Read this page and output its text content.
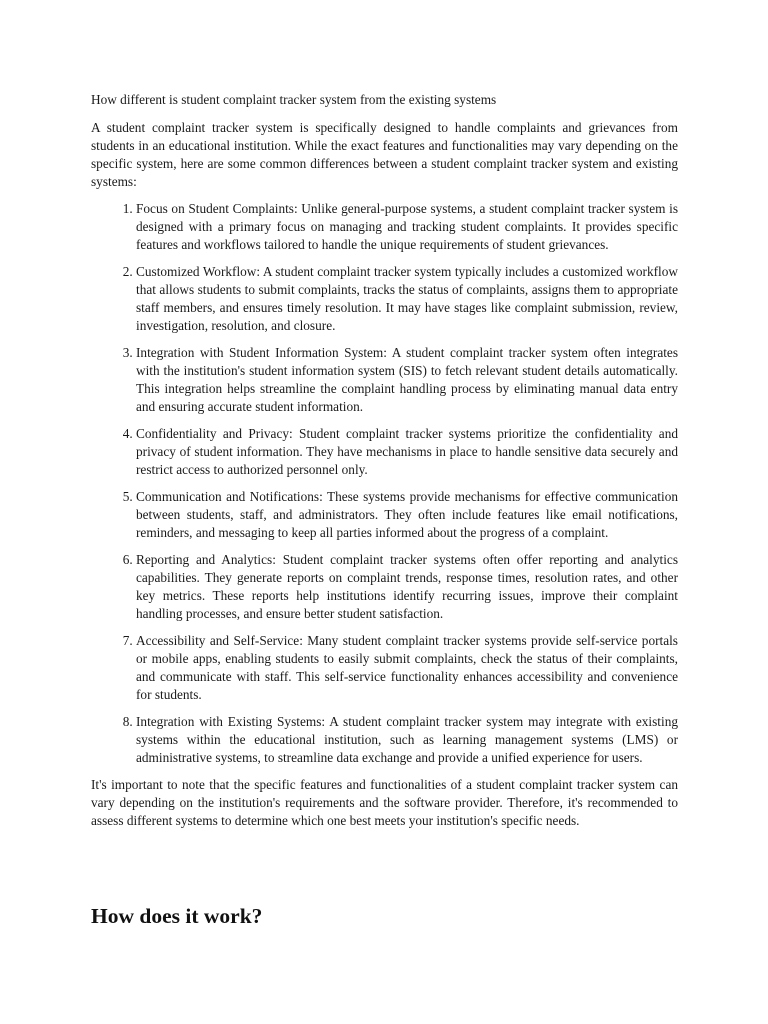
How different is student complaint tracker system from the existing systems

A student complaint tracker system is specifically designed to handle complaints and grievances from students in an educational institution. While the exact features and functionalities may vary depending on the specific system, here are some common differences between a student complaint tracker system and existing systems:

1. Focus on Student Complaints: Unlike general-purpose systems, a student complaint tracker system is designed with a primary focus on managing and tracking student complaints. It provides specific features and workflows tailored to handle the unique requirements of student grievances.
2. Customized Workflow: A student complaint tracker system typically includes a customized workflow that allows students to submit complaints, tracks the status of complaints, assigns them to appropriate staff members, and ensures timely resolution. It may have stages like complaint submission, review, investigation, resolution, and closure.
3. Integration with Student Information System: A student complaint tracker system often integrates with the institution's student information system (SIS) to fetch relevant student details automatically. This integration helps streamline the complaint handling process by eliminating manual data entry and ensuring accurate student information.
4. Confidentiality and Privacy: Student complaint tracker systems prioritize the confidentiality and privacy of student information. They have mechanisms in place to handle sensitive data securely and restrict access to authorized personnel only.
5. Communication and Notifications: These systems provide mechanisms for effective communication between students, staff, and administrators. They often include features like email notifications, reminders, and messaging to keep all parties informed about the progress of a complaint.
6. Reporting and Analytics: Student complaint tracker systems often offer reporting and analytics capabilities. They generate reports on complaint trends, response times, resolution rates, and other key metrics. These reports help institutions identify recurring issues, improve their complaint handling processes, and ensure better student satisfaction.
7. Accessibility and Self-Service: Many student complaint tracker systems provide self-service portals or mobile apps, enabling students to easily submit complaints, check the status of their complaints, and communicate with staff. This self-service functionality enhances accessibility and convenience for students.
8. Integration with Existing Systems: A student complaint tracker system may integrate with existing systems within the educational institution, such as learning management systems (LMS) or administrative systems, to streamline data exchange and provide a unified experience for users.

It's important to note that the specific features and functionalities of a student complaint tracker system can vary depending on the institution's requirements and the software provider. Therefore, it's recommended to assess different systems to determine which one best meets your institution's specific needs.

How does it work?
